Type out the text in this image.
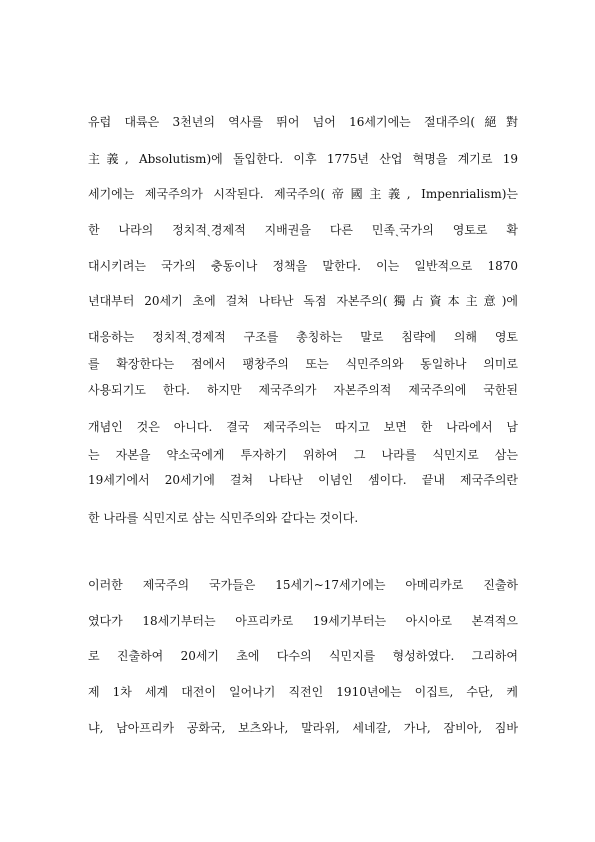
유럽 대륙은 3천년의 역사를 뛰어 넘어 16세기에는 절대주의(絕對
主義, Absolutism)에 돌입한다. 이후 1775년 산업 혁명을 계기로 19
세기에는 제국주의가 시작된다. 제국주의(帝國主義, Impenrialism)는
한 나라의 정치적ˎ경제적 지배권을 다른 민족ˎ국가의 영토로 확
대시키려는 국가의 충동이나 정책을 말한다. 이는 일반적으로 1870
년대부터 20세기 초에 걸쳐 나타난 독점 자본주의(獨占資本主意)에
대응하는 정치적ˎ경제적 구조를 총칭하는 말로 침략에 의해 영토
를 확장한다는 점에서 팽창주의 또는 식민주의와 동일하나 의미로
사용되기도 한다. 하지만 제국주의가 자본주의적 제국주의에 국한된
개념인 것은 아니다. 결국 제국주의는 따지고 보면 한 나라에서 남
는 자본을 약소국에게 투자하기 위하여 그 나라를 식민지로 삼는
19세기에서 20세기에 걸쳐 나타난 이념인 셈이다. 끝내 제국주의란
한 나라를 식민지로 삼는 식민주의와 같다는 것이다.
이러한 제국주의 국가들은 15세기~17세기에는 아메리카로 진출하
였다가 18세기부터는 아프리카로 19세기부터는 아시아로 본격적으
로 진출하여 20세기 초에 다수의 식민지를 형성하였다. 그리하여
제 1차 세계 대전이 일어나기 직전인 1910년에는 이집트, 수단, 케
냐, 남아프리카 공화국, 보츠와나, 말라위, 세네갈, 가나, 잠비아, 짐바
